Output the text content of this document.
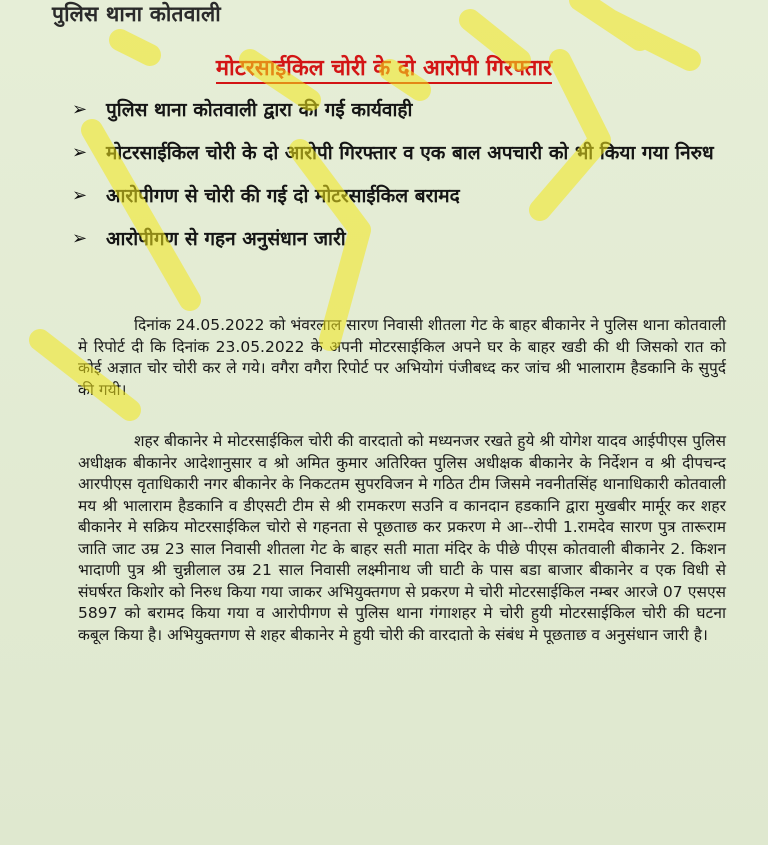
पुलिस थाना कोतवाली
मोटरसाईकिल चोरी के दो आरोपी गिरफ्तार
➢ पुलिस थाना कोतवाली द्वारा की गई कार्यवाही
➢ मोटरसाईकिल चोरी के दो आरोपी गिरफ्तार व एक बाल अपचारी को भी किया गया निरुध
➢ आरोपीगण से चोरी की गई दो मोटरसाईकिल बरामद
➢ आरोपीगण से गहन अनुसंधान जारी
दिनांक 24.05.2022 को भंवरलाल सारण निवासी शीतला गेट के बाहर बीकानेर ने पुलिस थाना कोतवाली मे रिपोर्ट दी कि दिनांक 23.05.2022 के अपनी मोटरसाईकिल अपने घर के बाहर खडी की थी जिसको रात को कोई अज्ञात चोर चोरी कर ले गये। वगैरा वगैरा रिपोर्ट पर अभियोगं पंजीबध्द कर जांच श्री भालाराम हैडकानि के सुपुर्द की गयी।
शहर बीकानेर मे मोटरसाईकिल चोरी की वारदातो को मध्यनजर रखते हुये श्री योगेश यादव आईपीएस पुलिस अधीक्षक बीकानेर आदेशानुसार व श्रो अमित कुमार अतिरिक्त पुलिस अधीक्षक बीकानेर के निर्देशन व श्री दीपचन्द आरपीएस वृताधिकारी नगर बीकानेर के निकटतम सुपरविजन मे गठित टीम जिसमे नवनीतसिंह थानाधिकारी कोतवाली मय श्री भालाराम हैडकानि व डीएसटी टीम से श्री रामकरण सउनि व कानदान हडकानि द्वारा मुखबीर मार्मूर कर शहर बीकानेर मे सक्रिय मोटरसाईकिल चोरो से गहनता से पूछताछ कर प्रकरण मे आ--रोपी 1.रामदेव सारण पुत्र तारूराम जाति जाट उम्र 23 साल निवासी शीतला गेट के बाहर सती माता मंदिर के पीछे पीएस कोतवाली बीकानेर 2. किशन भादाणी पुत्र श्री चुन्नीलाल उम्र 21 साल निवासी लक्ष्मीनाथ जी घाटी के पास बडा बाजार बीकानेर व एक विधी से संघर्षरत किशोर को निरुध किया गया जाकर अभियुक्तगण से प्रकरण मे चोरी मोटरसाईकिल नम्बर आरजे 07 एसएस 5897 को बरामद किया गया व आरोपीगण से पुलिस थाना गंगाशहर मे चोरी हुयी मोटरसाईकिल चोरी की घटना कबूल किया है। अभियुक्तगण से शहर बीकानेर मे हुयी चोरी की वारदातो के संबंध मे पूछताछ व अनुसंधान जारी है।
